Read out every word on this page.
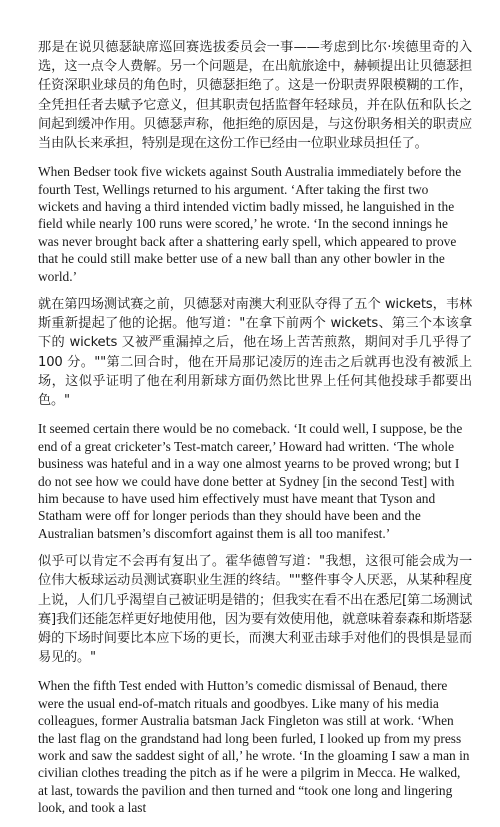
那是在说贝德瑟缺席巡回赛选拔委员会一事——考虑到比尔·埃德里奇的入选，这一点令人费解。另一个问题是，在出航旅途中，赫顿提出让贝德瑟担任资深职业球员的角色时，贝德瑟拒绝了。这是一份职责界限模糊的工作，全凭担任者去赋予它意义，但其职责包括监督年轻球员，并在队伍和队长之间起到缓冲作用。贝德瑟声称，他拒绝的原因是，与这份职务相关的职责应当由队长来承担，特别是现在这份工作已经由一位职业球员担任了。

When Bedser took five wickets against South Australia immediately before the fourth Test, Wellings returned to his argument. ‘After taking the first two wickets and having a third intended victim badly missed, he languished in the field while nearly 100 runs were scored,’ he wrote. ‘In the second innings he was never brought back after a shattering early spell, which appeared to prove that he could still make better use of a new ball than any other bowler in the world.’

就在第四场测试赛之前，贝德瑟对南澳大利亚队夺得了五个 wickets，韦林斯重新提起了他的论据。他写道："在拿下前两个 wickets、第三个本该拿下的 wickets 又被严重漏掉之后，他在场上苦苦煎熬，期间对手几乎得了 100 分。""第二回合时，他在开局那记凌厉的连击之后就再也没有被派上场，这似乎证明了他在利用新球方面仍然比世界上任何其他投球手都要出色。"

It seemed certain there would be no comeback. ‘It could well, I suppose, be the end of a great cricketer’s Test-match career,’ Howard had written. ‘The whole business was hateful and in a way one almost yearns to be proved wrong; but I do not see how we could have done better at Sydney [in the second Test] with him because to have used him effectively must have meant that Tyson and Statham were off for longer periods than they should have been and the Australian batsmen’s discomfort against them is all too manifest.’

似乎可以肯定不会再有复出了。霍华德曾写道："我想，这很可能会成为一位伟大板球运动员测试赛职业生涯的终结。""整件事令人厌恶，从某种程度上说，人们几乎渴望自己被证明是错的；但我实在看不出在悉尼[第二场测试赛]我们还能怎样更好地使用他，因为要有效使用他，就意味着泰森和斯塔瑟姆的下场时间要比本应下场的更长，而澳大利亚击球手对他们的畏惧是显而易见的。"

When the fifth Test ended with Hutton’s comedic dismissal of Benaud, there were the usual end-of-match rituals and goodbyes. Like many of his media colleagues, former Australia batsman Jack Fingleton was still at work. ‘When the last flag on the grandstand had long been furled, I looked up from my press work and saw the saddest sight of all,’ he wrote. ‘In the gloaming I saw a man in civilian clothes treading the pitch as if he were a pilgrim in Mecca. He walked, at last, towards the pavilion and then turned and “took one long and lingering look, and took a last
